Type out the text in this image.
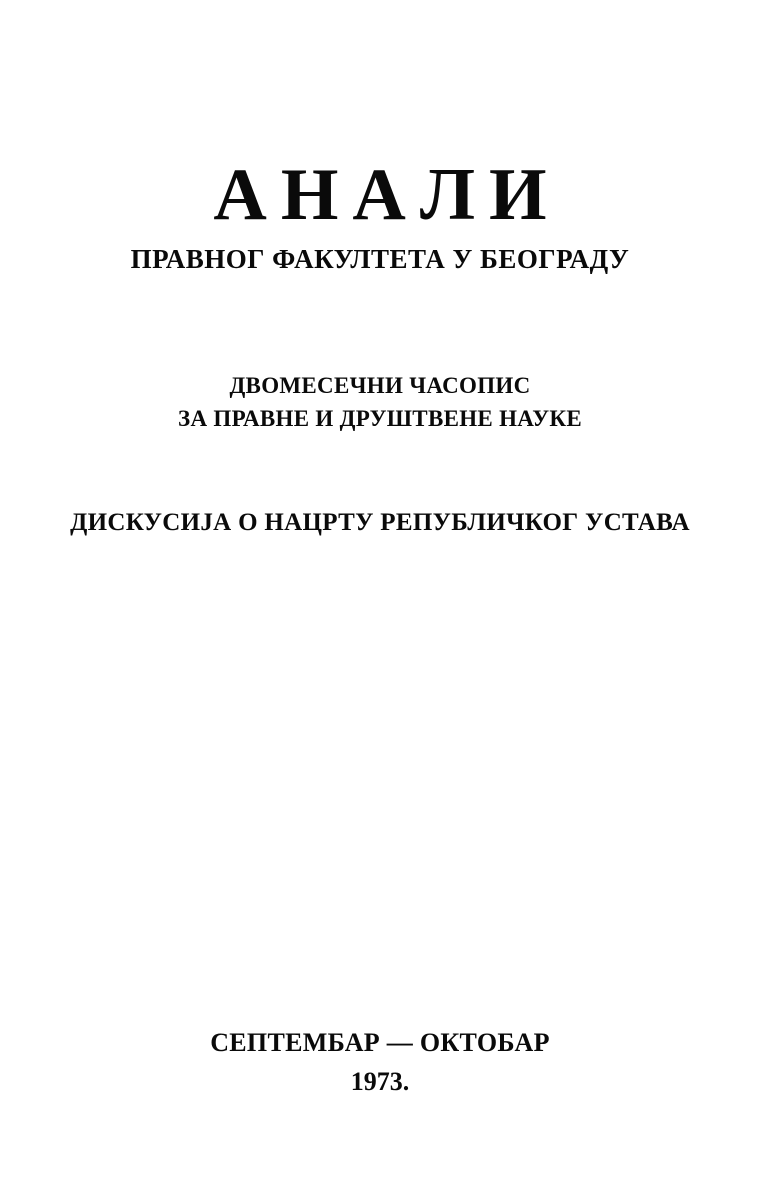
АНАЛИ
ПРАВНОГ ФАКУЛТЕТА У БЕОГРАДУ
ДВОМЕСЕЧНИ ЧАСОПИС
ЗА ПРАВНЕ И ДРУШТВЕНЕ НАУКЕ
ДИСКУСИЈА О НАЦРТУ РЕПУБЛИЧКОГ УСТАВА
СЕПТЕМБАР — ОКТОБАР
1973.
